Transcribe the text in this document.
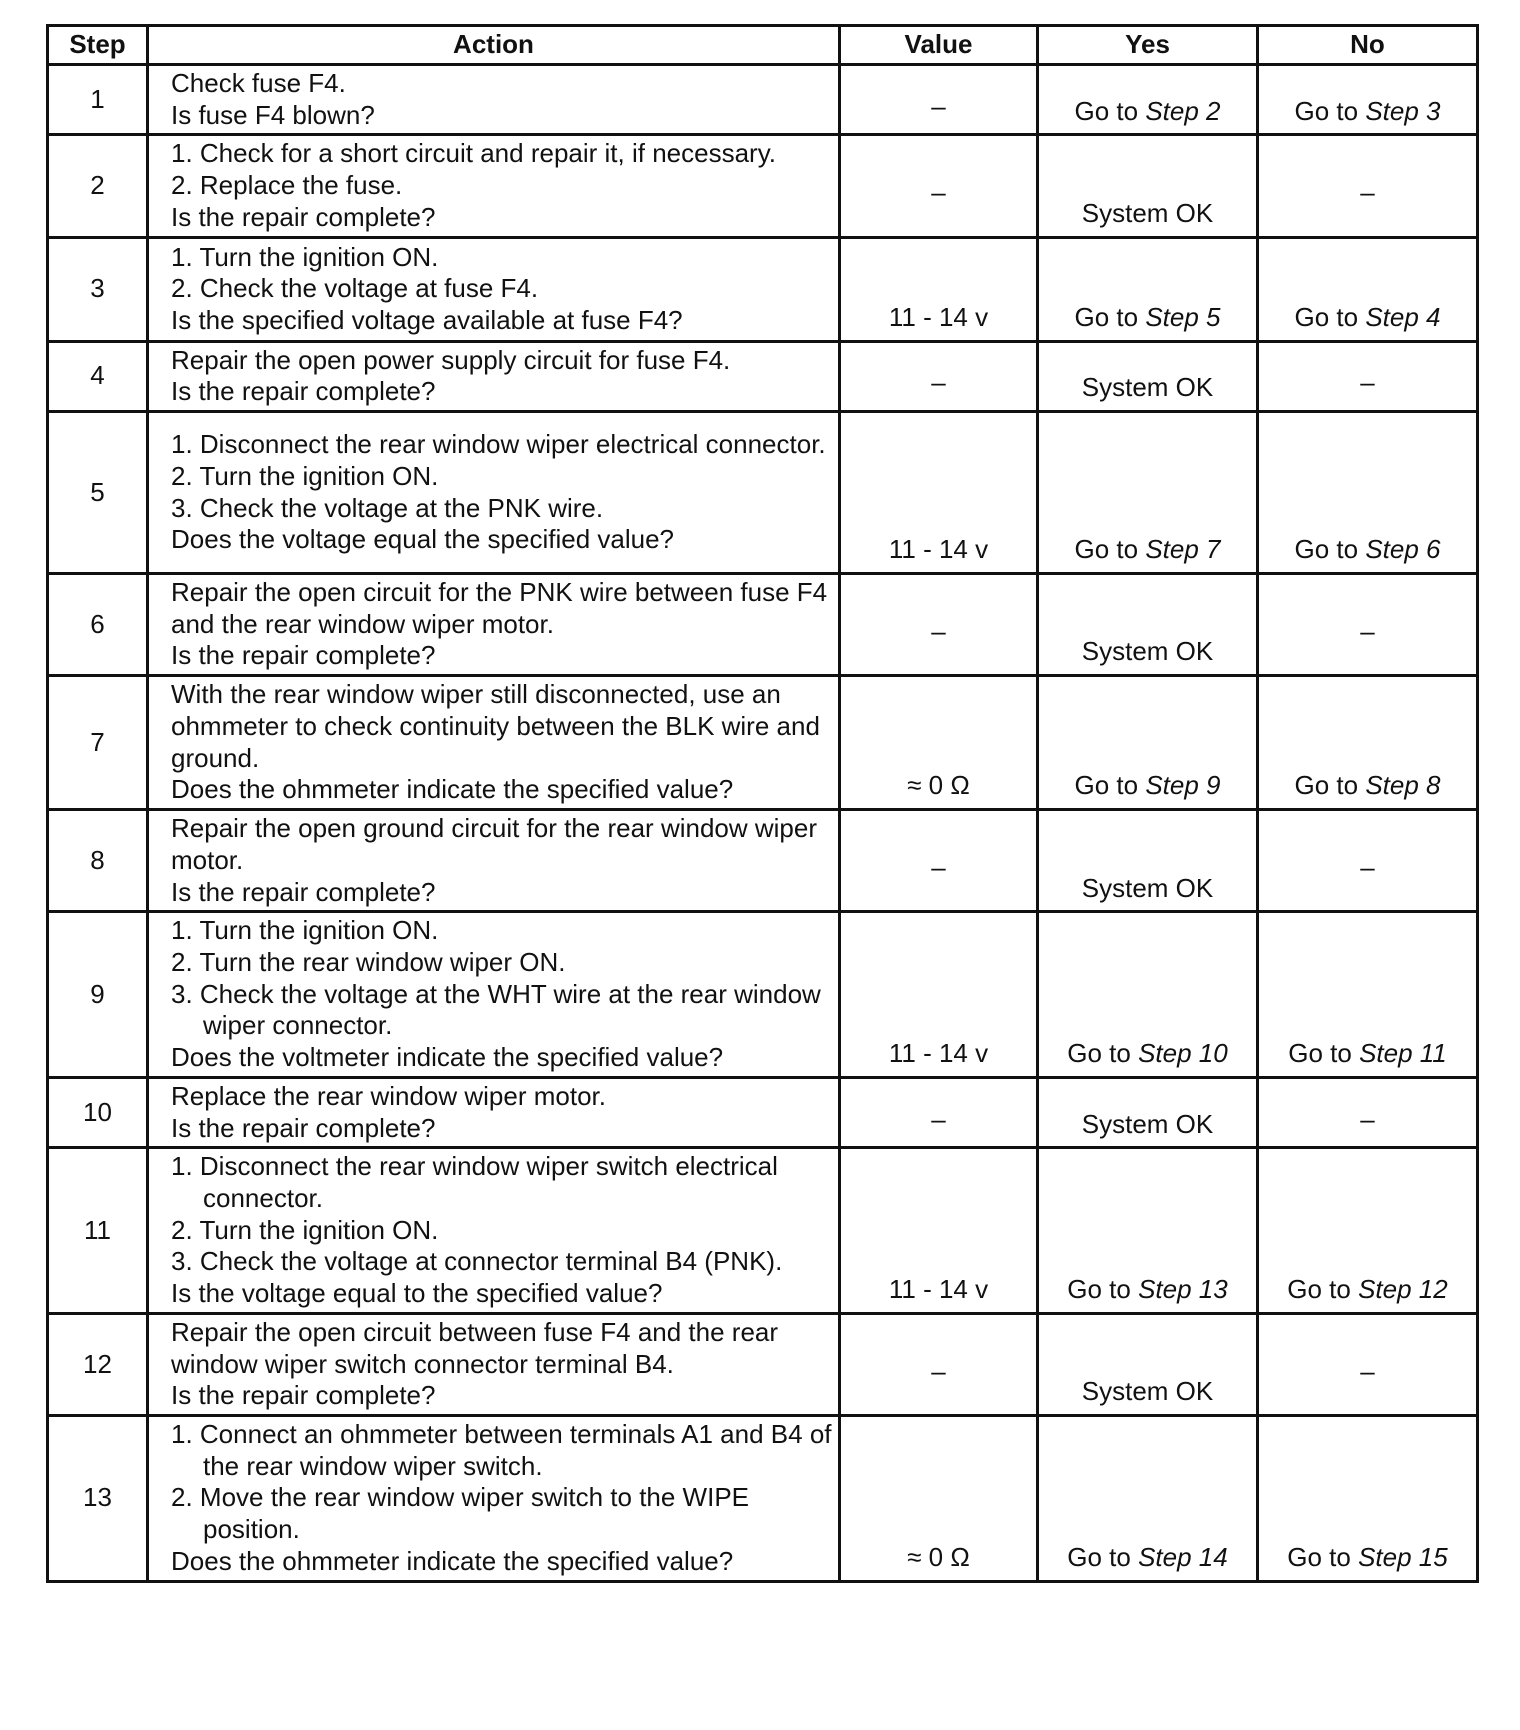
Step	Action	Value	Yes	No
1	Check fuse F4.
Is fuse F4 blown?	–	Go to Step 2	Go to Step 3
2	1. Check for a short circuit and repair it, if necessary.
2. Replace the fuse.
Is the repair complete?	–	System OK	–
3	1. Turn the ignition ON.
2. Check the voltage at fuse F4.
Is the specified voltage available at fuse F4?	11 - 14 v	Go to Step 5	Go to Step 4
4	Repair the open power supply circuit for fuse F4.
Is the repair complete?	–	System OK	–
5	1. Disconnect the rear window wiper electrical connector.
2. Turn the ignition ON.
3. Check the voltage at the PNK wire.
Does the voltage equal the specified value?	11 - 14 v	Go to Step 7	Go to Step 6
6	Repair the open circuit for the PNK wire between fuse F4 and the rear window wiper motor.
Is the repair complete?	–	System OK	–
7	With the rear window wiper still disconnected, use an ohmmeter to check continuity between the BLK wire and ground.
Does the ohmmeter indicate the specified value?	≈ 0 Ω	Go to Step 9	Go to Step 8
8	Repair the open ground circuit for the rear window wiper motor.
Is the repair complete?	–	System OK	–
9	1. Turn the ignition ON.
2. Turn the rear window wiper ON.
3. Check the voltage at the WHT wire at the rear window wiper connector.
Does the voltmeter indicate the specified value?	11 - 14 v	Go to Step 10	Go to Step 11
10	Replace the rear window wiper motor.
Is the repair complete?	–	System OK	–
11	1. Disconnect the rear window wiper switch electrical connector.
2. Turn the ignition ON.
3. Check the voltage at connector terminal B4 (PNK).
Is the voltage equal to the specified value?	11 - 14 v	Go to Step 13	Go to Step 12
12	Repair the open circuit between fuse F4 and the rear window wiper switch connector terminal B4.
Is the repair complete?	–	System OK	–
13	1. Connect an ohmmeter between terminals A1 and B4 of the rear window wiper switch.
2. Move the rear window wiper switch to the WIPE position.
Does the ohmmeter indicate the specified value?	≈ 0 Ω	Go to Step 14	Go to Step 15
